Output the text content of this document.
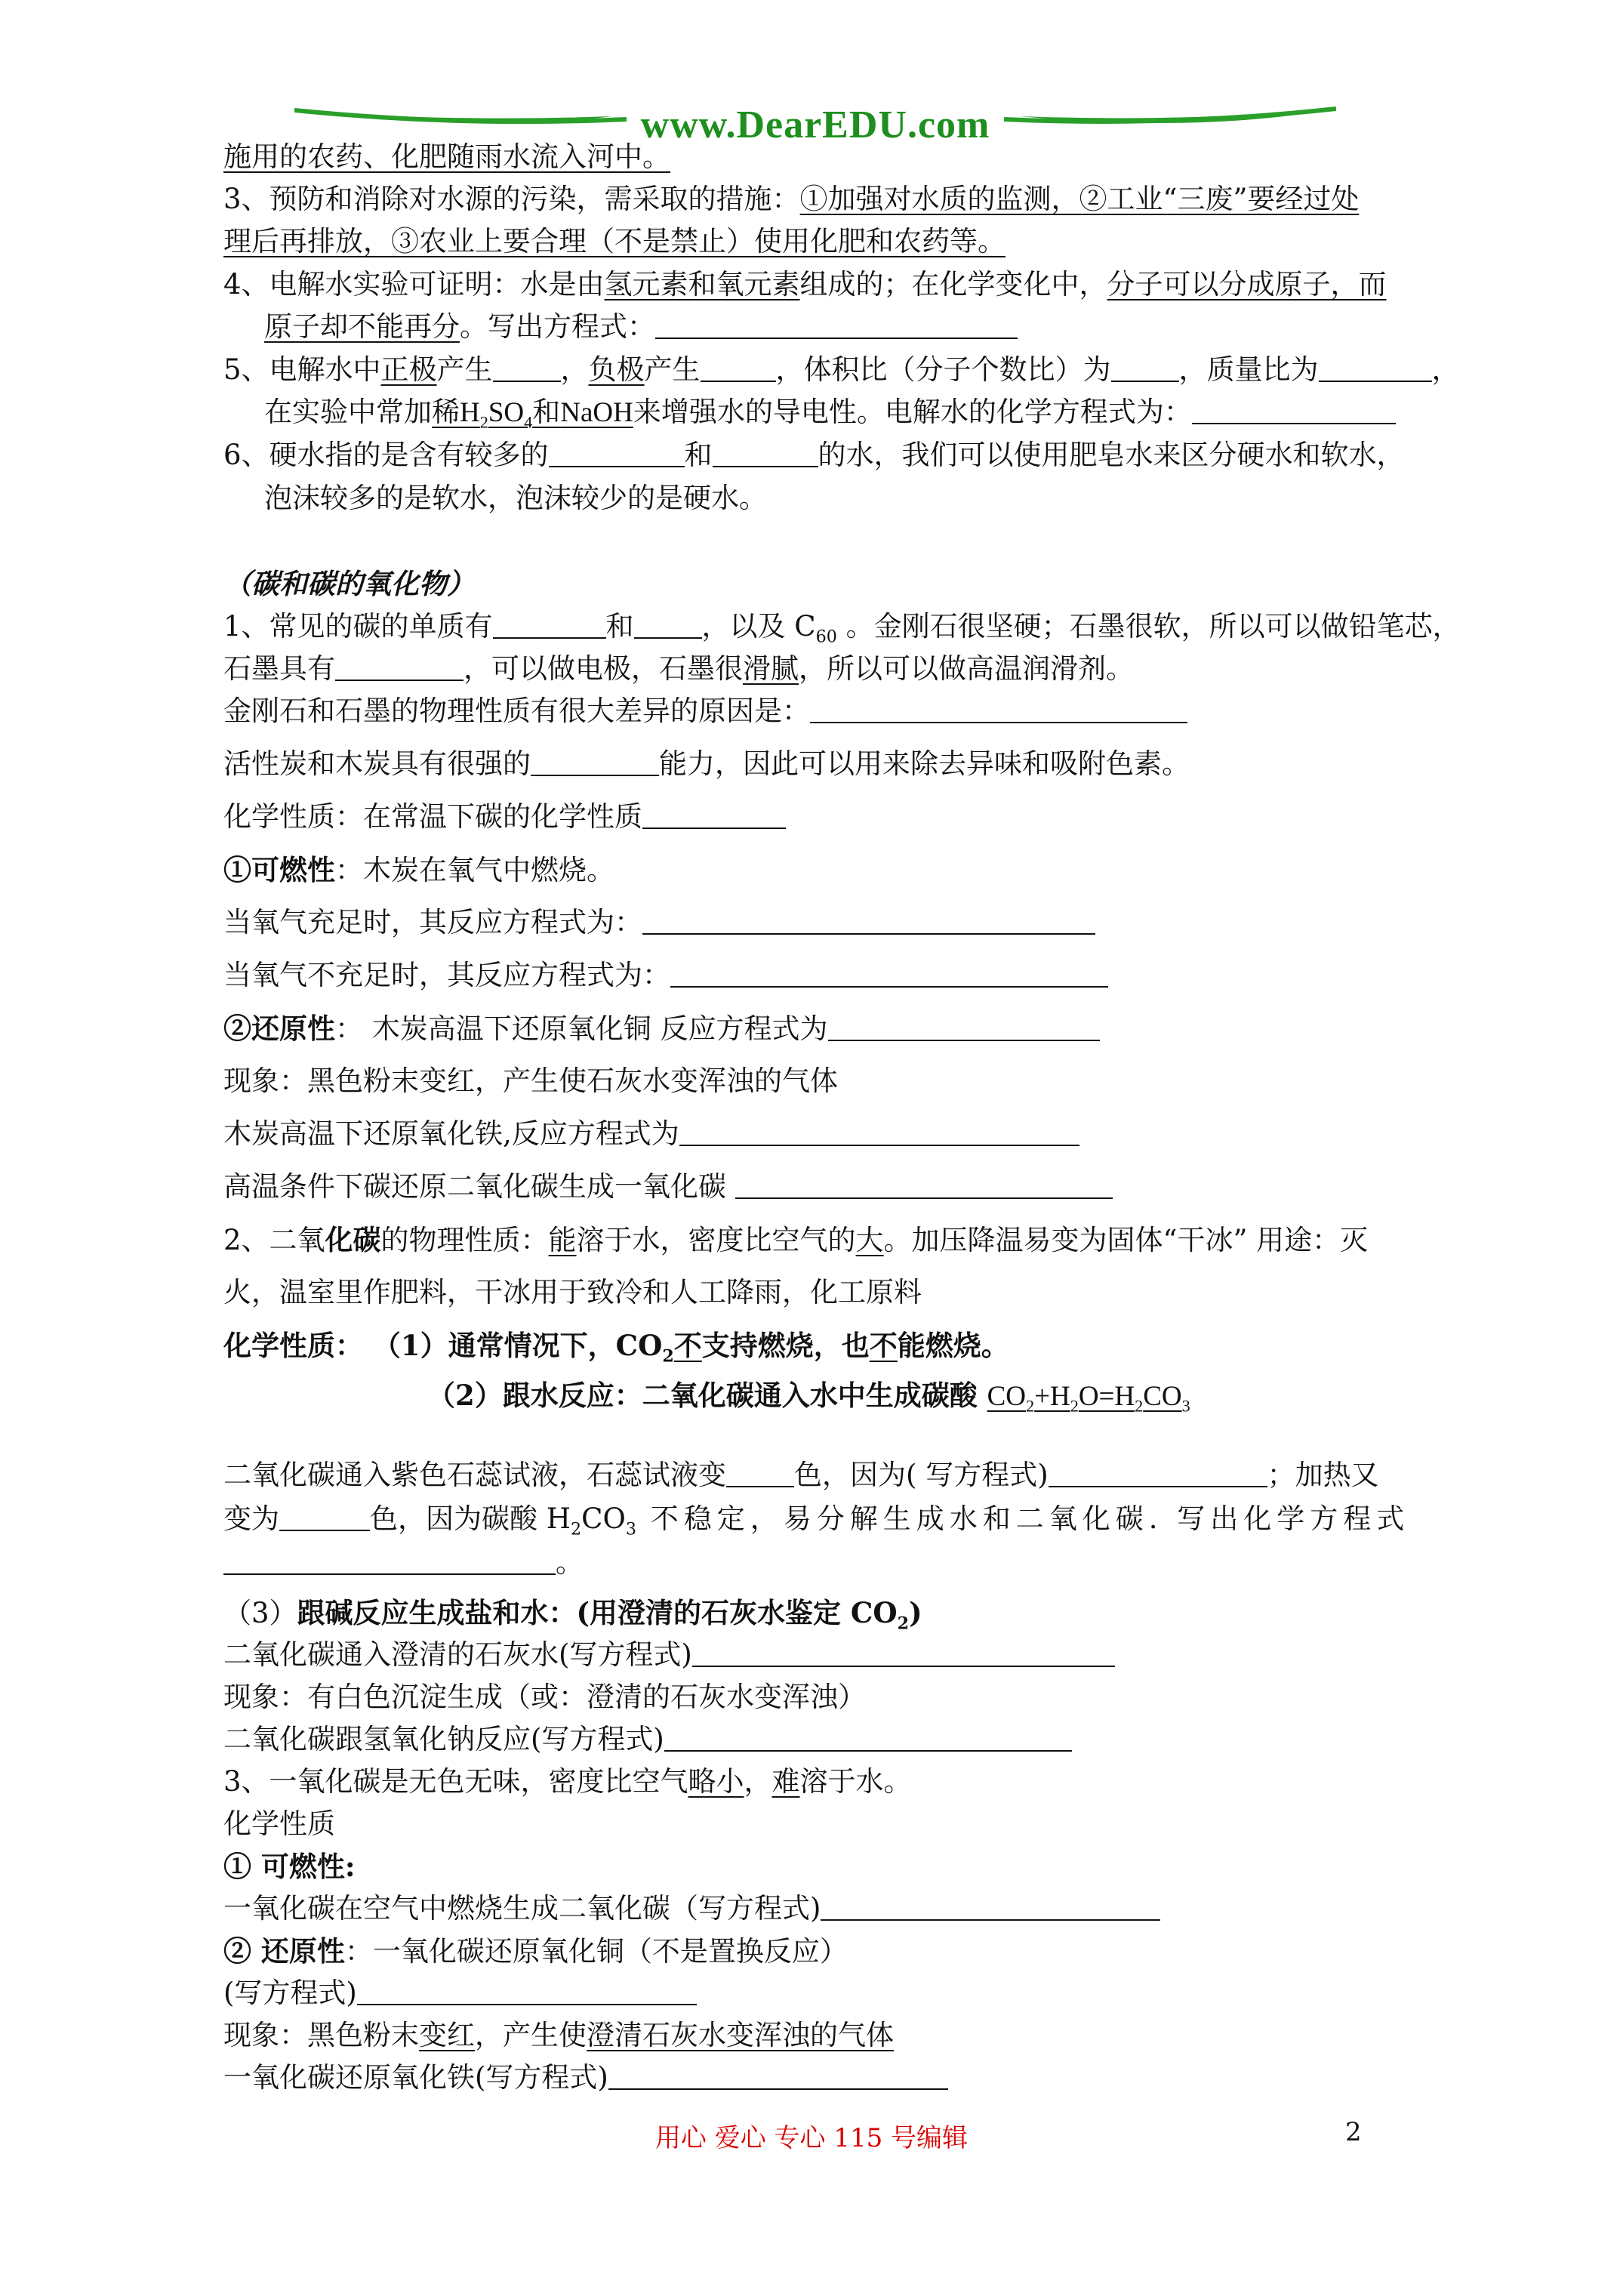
www.DearEDU.com
施用的农药、化肥随雨水流入河中。
3、预防和消除对水源的污染，需采取的措施：①加强对水质的监测，②工业“三废”要经过处
理后再排放，③农业上要合理（不是禁止）使用化肥和农药等。
4、电解水实验可证明：水是由氢元素和氧元素组成的；在化学变化中，分子可以分成原子，而
原子却不能再分。写出方程式：
5、电解水中正极产生 ，负极产生	，体积比（分子个数比）为 ，质量比为	，
在实验中常加稀$H_2SO_4$和NaOH来增强水的导电性。电解水的化学方程式为：
6、硬水指的是含有较多的	和	的水，我们可以使用肥皂水来区分硬水和软水，
泡沫较多的是软水，泡沫较少的是硬水。
（碳和碳的氧化物）
1、常见的碳的单质有	和 ，以及 $C_{60}$ 。金刚石很坚硬；石墨很软，所以可以做铅笔芯，
石墨具有	，可以做电极，石墨很滑腻，所以可以做高温润滑剂。
金刚石和石墨的物理性质有很大差异的原因是：
活性炭和木炭具有很强的	能力，因此可以用来除去异味和吸附色素。
化学性质：在常温下碳的化学性质
①可燃性：木炭在氧气中燃烧。
当氧气充足时，其反应方程式为：
当氧气不充足时，其反应方程式为：
②还原性： 木炭高温下还原氧化铜 反应方程式为
现象：黑色粉末变红，产生使石灰水变浑浊的气体
木炭高温下还原氧化铁,反应方程式为
高温条件下碳还原二氧化碳生成一氧化碳
2、二氧化碳的物理性质：能溶于水，密度比空气的大。加压降温易变为固体“干冰” 用途：灭
火，温室里作肥料，干冰用于致冷和人工降雨，化工原料
化学性质： （1）通常情况下，$CO_2$不支持燃烧，也不能燃烧。
（2）跟水反应：二氧化碳通入水中生成碳酸 $CO_2+H_2O=H_2CO_3$
二氧化碳通入紫色石蕊试液，石蕊试液变 色，因为( 写方程式)	；加热又
变为	色，因为碳酸 $H_2CO_3$ 不稳定，易分解生成水和二氧化碳. 写出化学方程式
。
（3）跟碱反应生成盐和水：(用澄清的石灰水鉴定 $CO_2$)
二氧化碳通入澄清的石灰水(写方程式)
现象：有白色沉淀生成（或：澄清的石灰水变浑浊）
二氧化碳跟氢氧化钠反应(写方程式)
3、一氧化碳是无色无味，密度比空气略小，难溶于水。
化学性质
① 可燃性:
一氧化碳在空气中燃烧生成二氧化碳（写方程式)
② 还原性：一氧化碳还原氧化铜（不是置换反应）
(写方程式)
现象：黑色粉末变红，产生使澄清石灰水变浑浊的气体
一氧化碳还原氧化铁(写方程式)
用心 爱心 专心 115 号编辑	2
